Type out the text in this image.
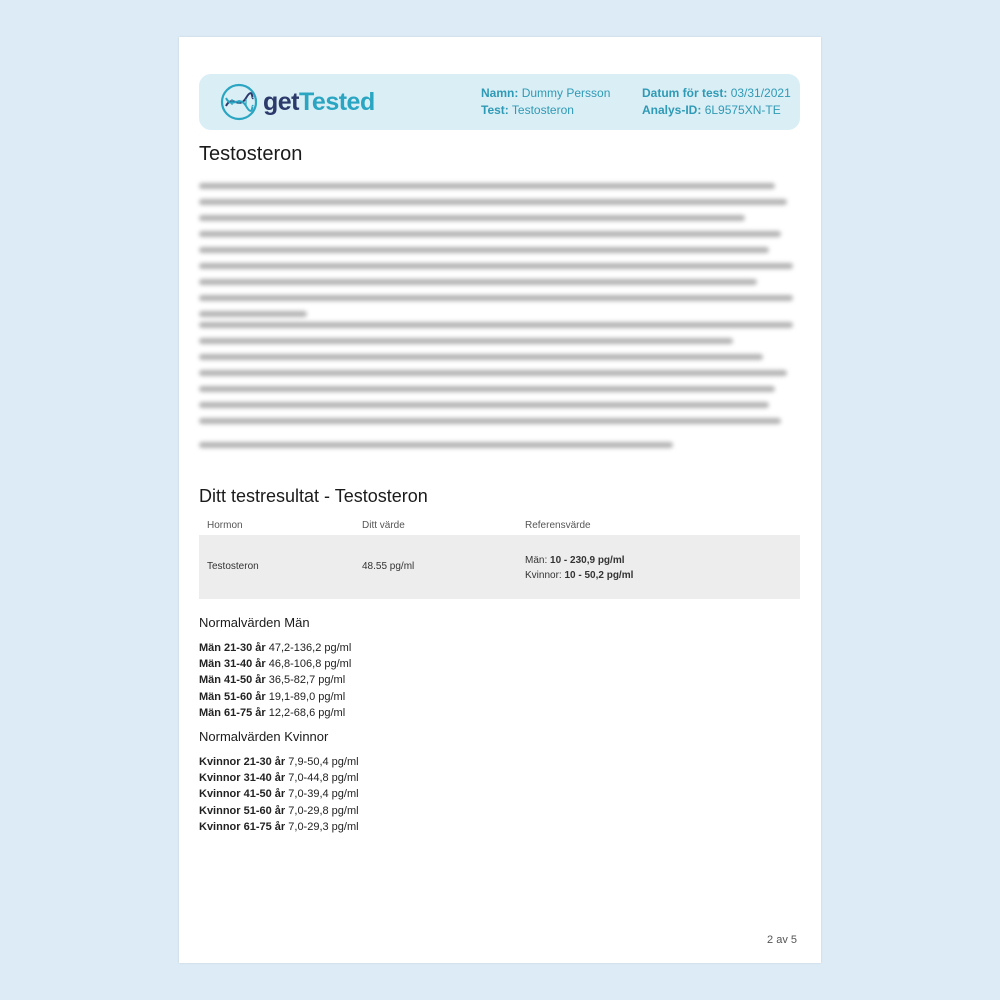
getTested	Namn: Dummy Persson
Test: Testosteron
Datum för test: 03/31/2021
Analys-ID: 6L9575XN-TE
Testosteron
Ditt testresultat - Testosteron
Hormon	Ditt värde	Referensvärde
Testosteron	48.55 pg/ml
Män: 10 - 230,9 pg/ml
Kvinnor: 10 - 50,2 pg/ml
Normalvärden Män
Män 21-30 år 47,2-136,2 pg/ml
Män 31-40 år 46,8-106,8 pg/ml
Män 41-50 år 36,5-82,7 pg/ml
Män 51-60 år 19,1-89,0 pg/ml
Män 61-75 år 12,2-68,6 pg/ml
Normalvärden Kvinnor
Kvinnor 21-30 år 7,9-50,4 pg/ml
Kvinnor 31-40 år 7,0-44,8 pg/ml
Kvinnor 41-50 år 7,0-39,4 pg/ml
Kvinnor 51-60 år 7,0-29,8 pg/ml
Kvinnor 61-75 år 7,0-29,3 pg/ml
2 av 5
